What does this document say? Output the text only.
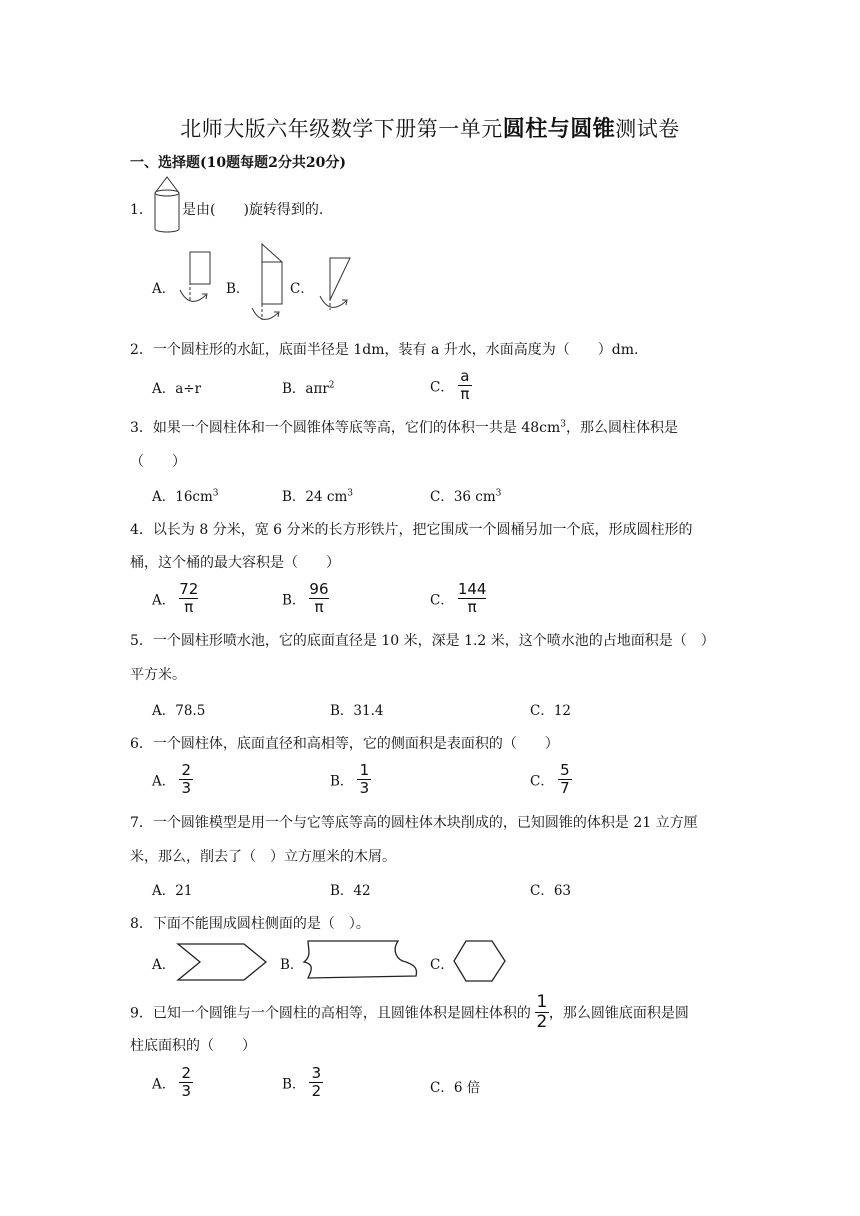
北师大版六年级数学下册第一单元圆柱与圆锥测试卷
一、选择题(10题每题2分共20分)
1． 是由(　　)旋转得到的.
A．	B．	C．
2．一个圆柱形的水缸，底面半径是 1dm，装有 a 升水，水面高度为（　　）dm.
A．a÷r	B．aπr$^2$	C． $\frac{a}{\pi}$
3．如果一个圆柱体和一个圆锥体等底等高，它们的体积一共是 $48cm^3$，那么圆柱体积是
（　　）
A．$16cm^3$	B．24 $cm^3$	C．36 $cm^3$
4．以长为 8 分米，宽 6 分米的长方形铁片，把它围成一个圆桶另加一个底，形成圆柱形的
桶，这个桶的最大容积是（　　）
A． $\frac{72}{\pi}$	B． $\frac{96}{\pi}$	C． $\frac{144}{\pi}$
5．一个圆柱形喷水池，它的底面直径是 10 米，深是 1.2 米，这个喷水池的占地面积是（　）
平方米。
A．78.5	B．31.4	C．12
6．一个圆柱体，底面直径和高相等，它的侧面积是表面积的（　　）
A． $\frac{2}{3}$	B． $\frac{1}{3}$	C． $\frac{5}{7}$
7．一个圆锥模型是用一个与它等底等高的圆柱体木块削成的，已知圆锥的体积是 21 立方厘
米，那么，削去了（　）立方厘米的木屑。
A．21	B．42	C．63
8．下面不能围成圆柱侧面的是（　）。
A．	B．	C．
9．已知一个圆锥与一个圆柱的高相等，且圆锥体积是圆柱体积的 $\frac{1}{2}$ ，那么圆锥底面积是圆
柱底面积的（　　）
A． $\frac{2}{3}$	B． $\frac{3}{2}$	C．6 倍
